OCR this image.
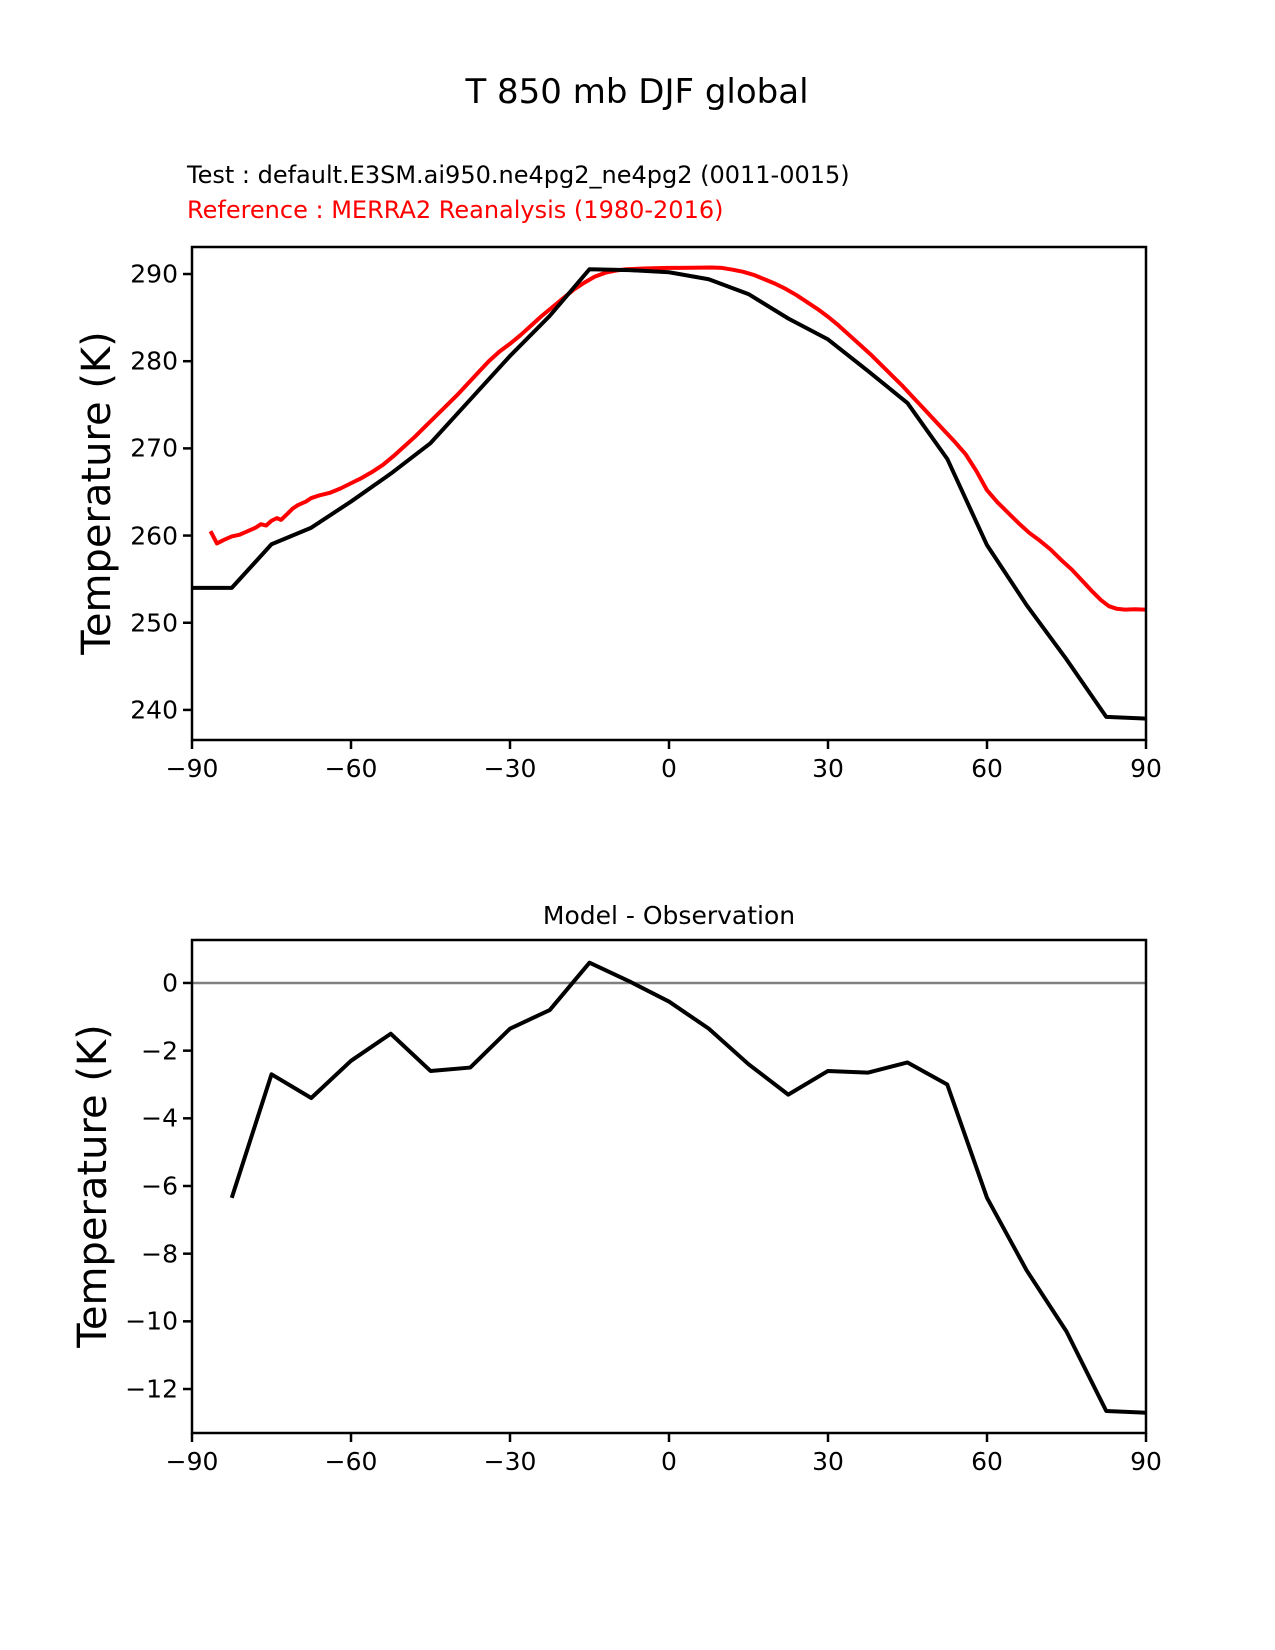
T 850 mb DJF global
Test : default.E3SM.ai950.ne4pg2_ne4pg2 (0011-0015)
Reference : MERRA2 Reanalysis (1980-2016)
Temperature (K)
Model - Observation
Temperature (K)
−90	−60	−30	0	30	60	90
240
250
260
270
280
290
−90	−60	−30	0	30	60	90
0
−2
−4
−6
−8
−10
−12
